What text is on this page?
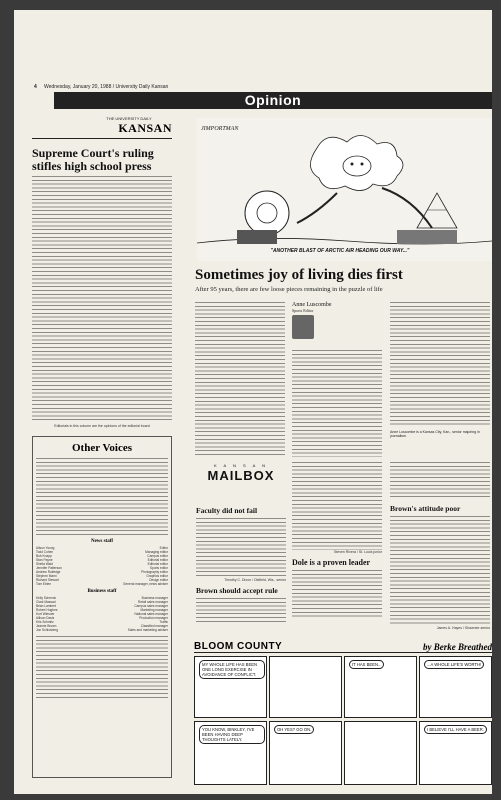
4 Wednesday, January 20, 1988 / University Daily Kansan
Opinion
THE UNIVERSITY DAILY
KANSAN
Supreme Court's ruling stifles high school press
Editorials in this column are the opinions of the editorial board
Other Voices
News staff
Alison Young	Editor
Todd Cohen	Managing editor
Bob Knapp	Campus editor
Stan Payne	Editorial editor
Sheila Waid	Editorial editor
Jennifer Patterson	Sports editor
Andrew Rutledge	Photography editor
Stephen Mann	Graphics editor
Richard Stewart	Design editor
Tom Eblen	General manager, news adviser
Business staff
Kelly Schenck	Business manager
Clark Massad	Retail sales manager
Brian Lambert	Campus sales manager
Robert Hughes	Marketing manager
Kurt Wiesner	National sales manager
Allison Davis	Production manager
Kris Schmitz	Traffic
Jeanne Brown	Classified manager
Jon Schlosberg	Sales and marketing adviser
JIMPORTMAN
"ANOTHER BLAST OF ARCTIC AIR HEADING OUR WAY..."
Sometimes joy of living dies first
After 95 years, there are few loose pieces remaining in the puzzle of life
Anne Luscombe
Sports Editor
Anne Luscombe is a Kansas City, Kan., senior majoring in journalism.
K A N S A N
MAILBOX
Faculty did not fail
Timothy C. Dixon / Oldfield, Wis., senior
Brown should accept rule
Steven Rivera / St. Louis junior
Dole is a proven leader
Brown's attitude poor
James A. Hayes / Shawnee senior
BLOOM COUNTY	by Berke Breathed
MY WHOLE LIFE HAS BEEN ONE LONG EXERCISE IN AVOIDANCE OF CONFLICT.
IT HAS BEEN...	...A WHOLE LIFE'S WORTH!
YOU KNOW, BINKLEY, I'VE BEEN HAVING DEEP THOUGHTS LATELY.
OH YES? GO ON.	I BELIEVE I'LL HAVE A BEER.
